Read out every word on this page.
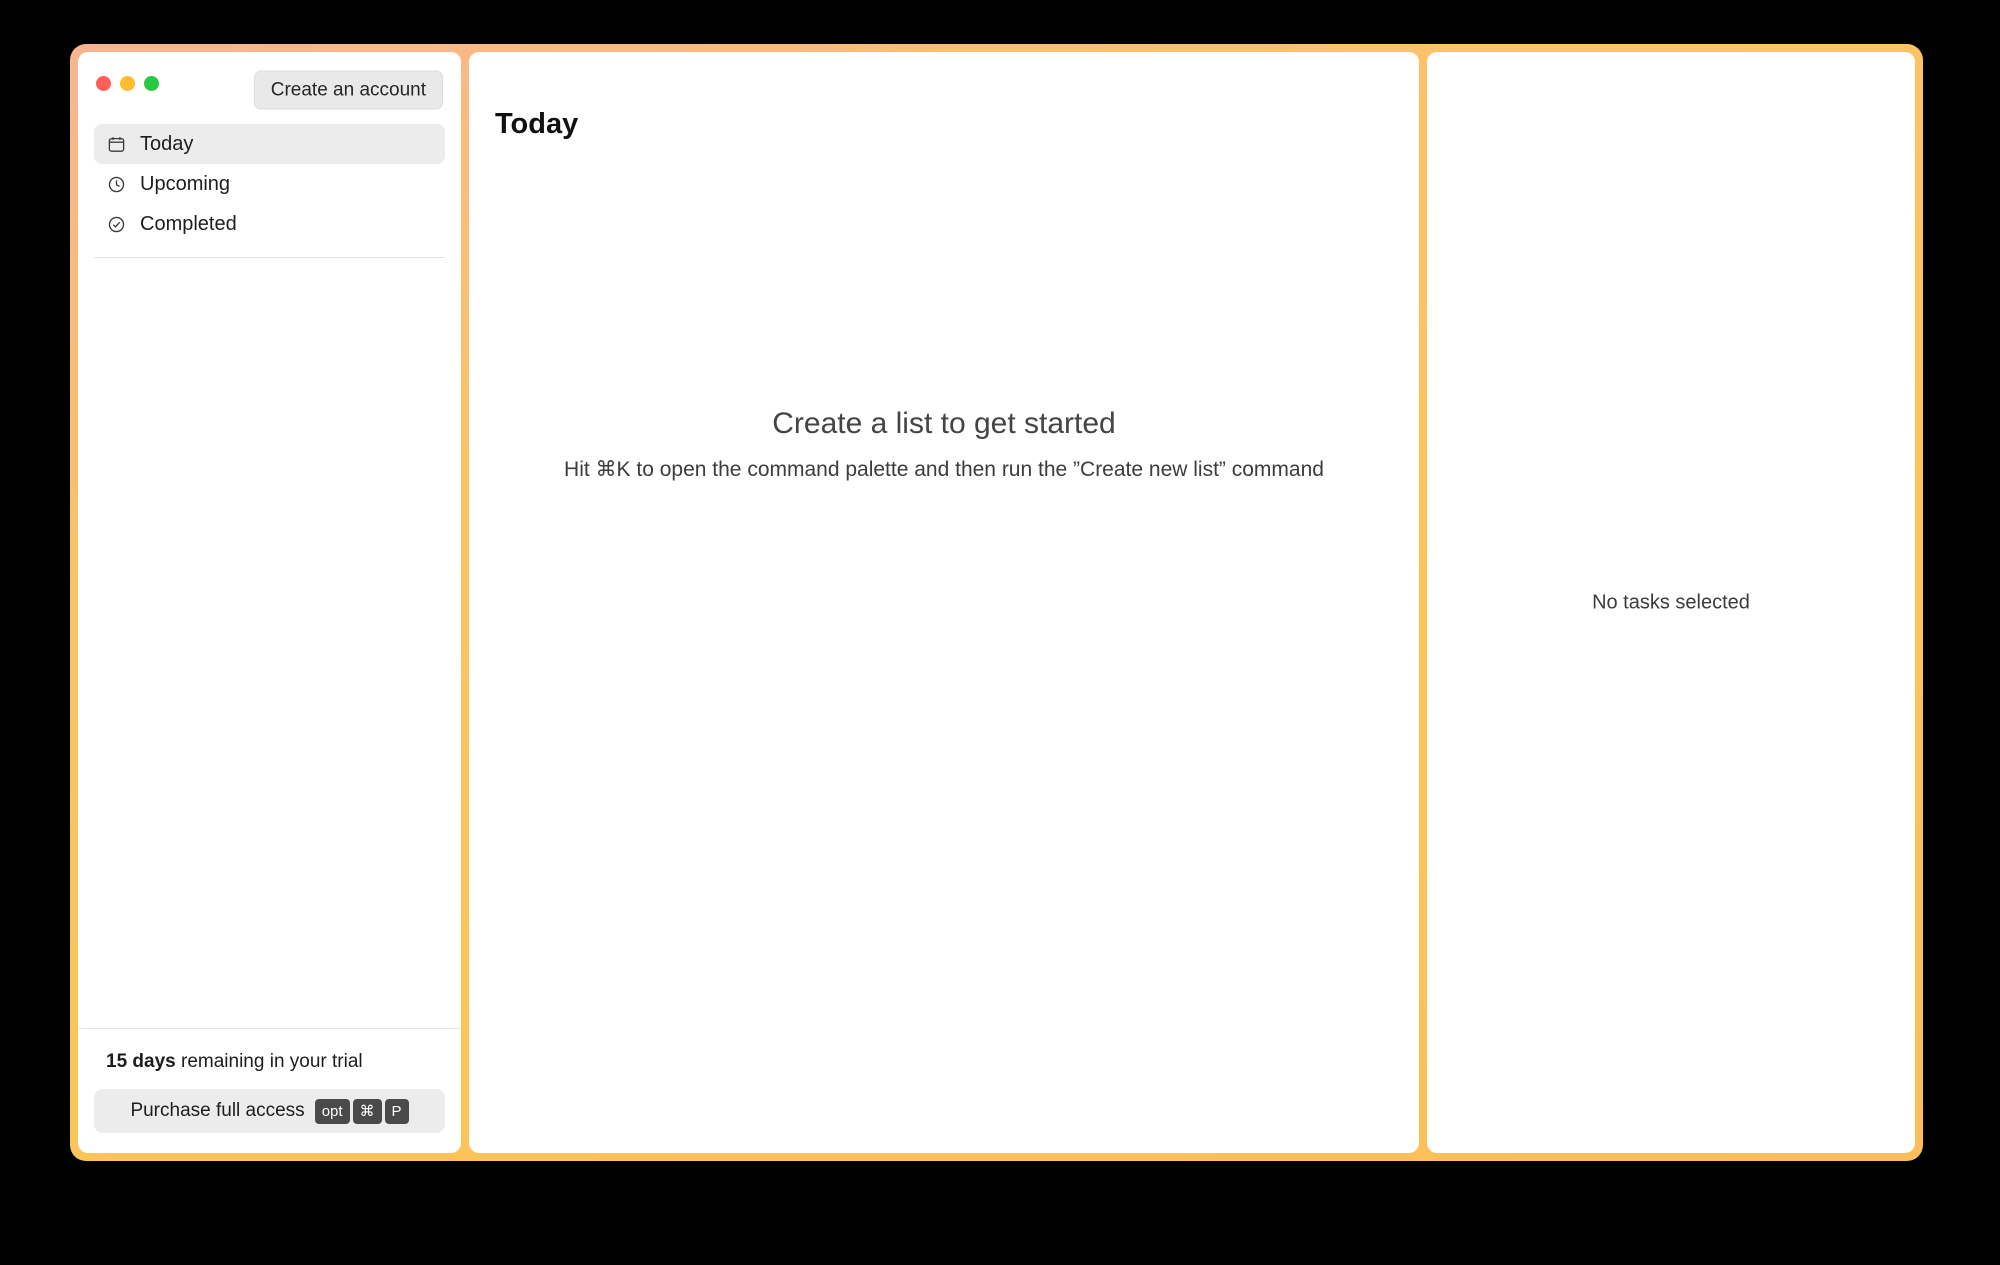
Create an account
Today
Upcoming
Completed
15 days remaining in your trial
Purchase full access	opt	⌘	P
Today
Create a list to get started
Hit ⌘K to open the command palette and then run the ”Create new list” command
No tasks selected
